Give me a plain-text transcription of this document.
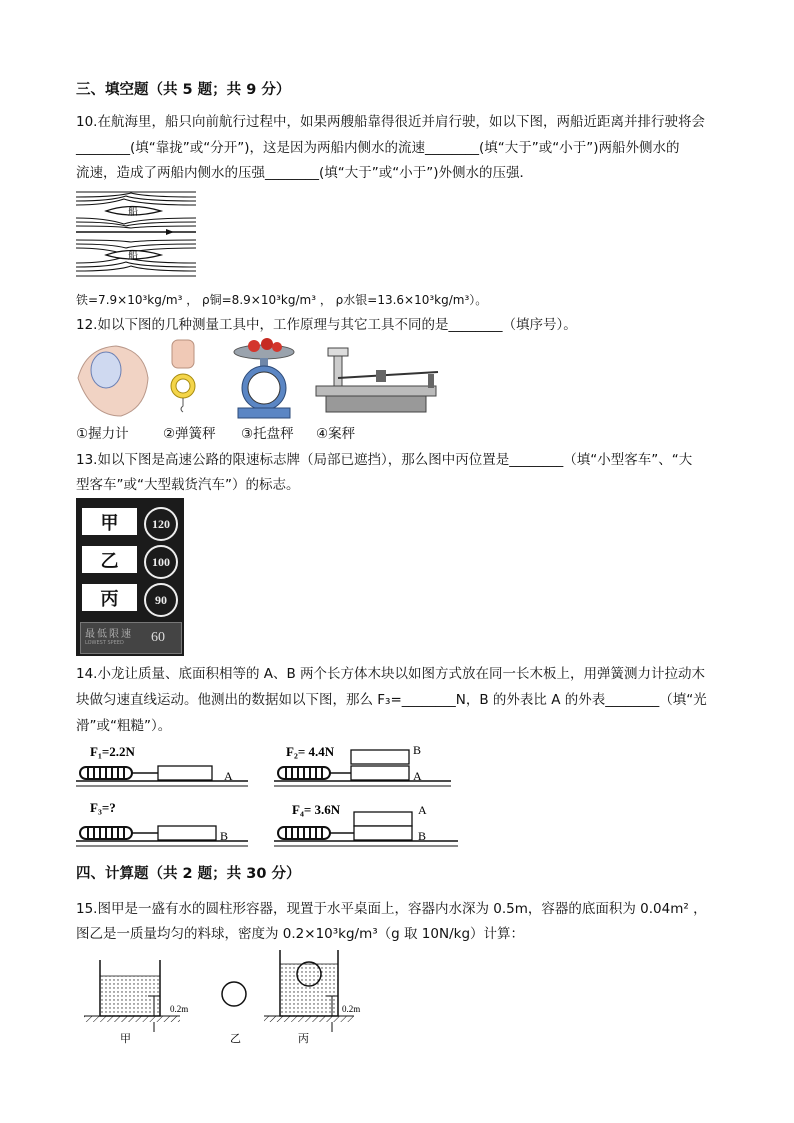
三、填空题（共 5 题；共 9 分）
10.在航海里，船只向前航行过程中，如果两艘船靠得很近并肩行驶，如以下图，两船近距离并排行驶将会
________(填“靠拢”或“分开”)，这是因为两船内侧水的流速________(填“大于”或“小于”)两船外侧水的
流速，造成了两船内侧水的压强________(填“大于”或“小于”)外侧水的压强．
船
船
铁=7.9×10³kg/m³ ， ρ铜=8.9×10³kg/m³ ， ρ水银=13.6×10³kg/m³）。
12.如以下图的几种测量工具中，工作原理与其它工具不同的是________（填序号）。
①握力计	②弹簧秤 ③托盘秤 ④案秤
13.如以下图是高速公路的限速标志牌（局部已遮挡），那么图中丙位置是________（填“小型客车”、“大
型客车”或“大型载货汽车”）的标志。
甲	120
乙	100
丙	90
最低限速
LOWEST SPEED 60
14.小龙让质量、底面积相等的 A、B 两个长方体木块以如图方式放在同一长木板上，用弹簧测力计拉动木
块做匀速直线运动。他测出的数据如以下图，那么 F₃=________N，B 的外表比 A 的外表________（填“光
滑”或“粗糙”）。
F₁=2.2N
A
F₂= 4.4N	B
A
F₃=?
B
F₄= 3.6N	A
B
四、计算题（共 2 题；共 30 分）
15.图甲是一盛有水的圆柱形容器，现置于水平桌面上，容器内水深为 0.5m，容器的底面积为 0.04m² ，
图乙是一质量均匀的料球，密度为 0.2×10³kg/m³（g 取 10N/kg）计算：
0.2m
甲	乙
0.2m
丙
